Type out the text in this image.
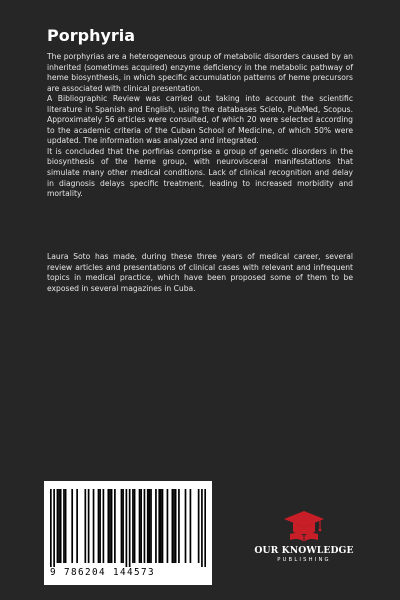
Porphyria

The porphyrias are a heterogeneous group of metabolic disorders caused by an inherited (sometimes acquired) enzyme deficiency in the metabolic pathway of heme biosynthesis, in which specific accumulation patterns of heme precursors are associated with clinical presentation.

A Bibliographic Review was carried out taking into account the scientific literature in Spanish and English, using the databases Scielo, PubMed, Scopus. Approximately 56 articles were consulted, of which 20 were selected according to the academic criteria of the Cuban School of Medicine, of which 50% were updated. The information was analyzed and integrated.

It is concluded that the porfirias comprise a group of genetic disorders in the biosynthesis of the heme group, with neurovisceral manifestations that simulate many other medical conditions. Lack of clinical recognition and delay in diagnosis delays specific treatment, leading to increased morbidity and mortality.

Laura Soto has made, during these three years of medical career, several review articles and presentations of clinical cases with relevant and infrequent topics in medical practice, which have been proposed some of them to be exposed in several magazines in Cuba.

9 786204 144573
OUR KNOWLEDGE
PUBLISHING
